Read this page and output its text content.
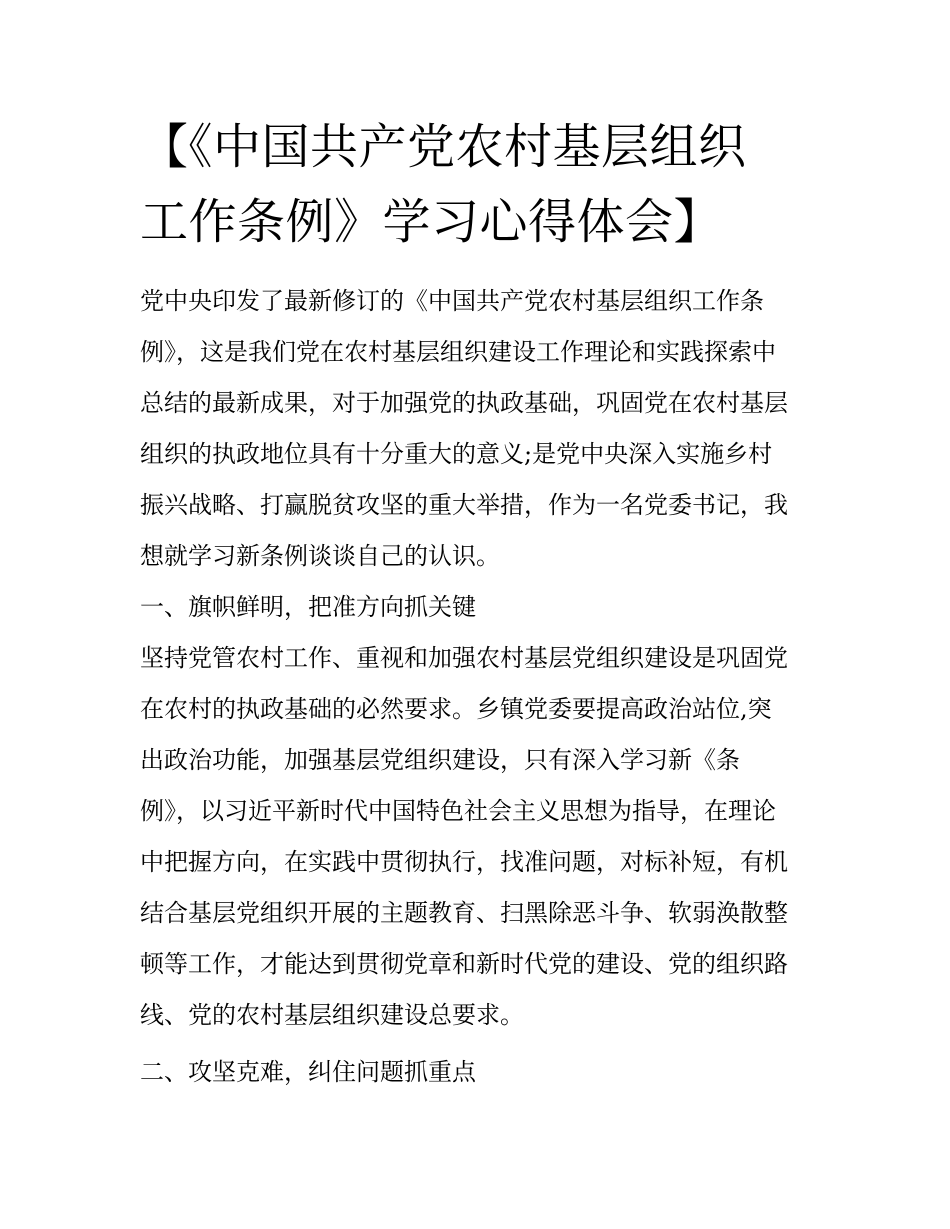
【《中国共产党农村基层组织
工作条例》学习心得体会】

党中央印发了最新修订的《中国共产党农村基层组织工作条
例》，这是我们党在农村基层组织建设工作理论和实践探索中
总结的最新成果，对于加强党的执政基础，巩固党在农村基层
组织的执政地位具有十分重大的意义;是党中央深入实施乡村
振兴战略、打赢脱贫攻坚的重大举措，作为一名党委书记，我
想就学习新条例谈谈自己的认识。

一、旗帜鲜明，把准方向抓关键

坚持党管农村工作、重视和加强农村基层党组织建设是巩固党
在农村的执政基础的必然要求。乡镇党委要提高政治站位,突
出政治功能，加强基层党组织建设，只有深入学习新《条
例》，以习近平新时代中国特色社会主义思想为指导，在理论
中把握方向，在实践中贯彻执行，找准问题，对标补短，有机
结合基层党组织开展的主题教育、扫黑除恶斗争、软弱涣散整
顿等工作，才能达到贯彻党章和新时代党的建设、党的组织路
线、党的农村基层组织建设总要求。

二、攻坚克难，纠住问题抓重点
